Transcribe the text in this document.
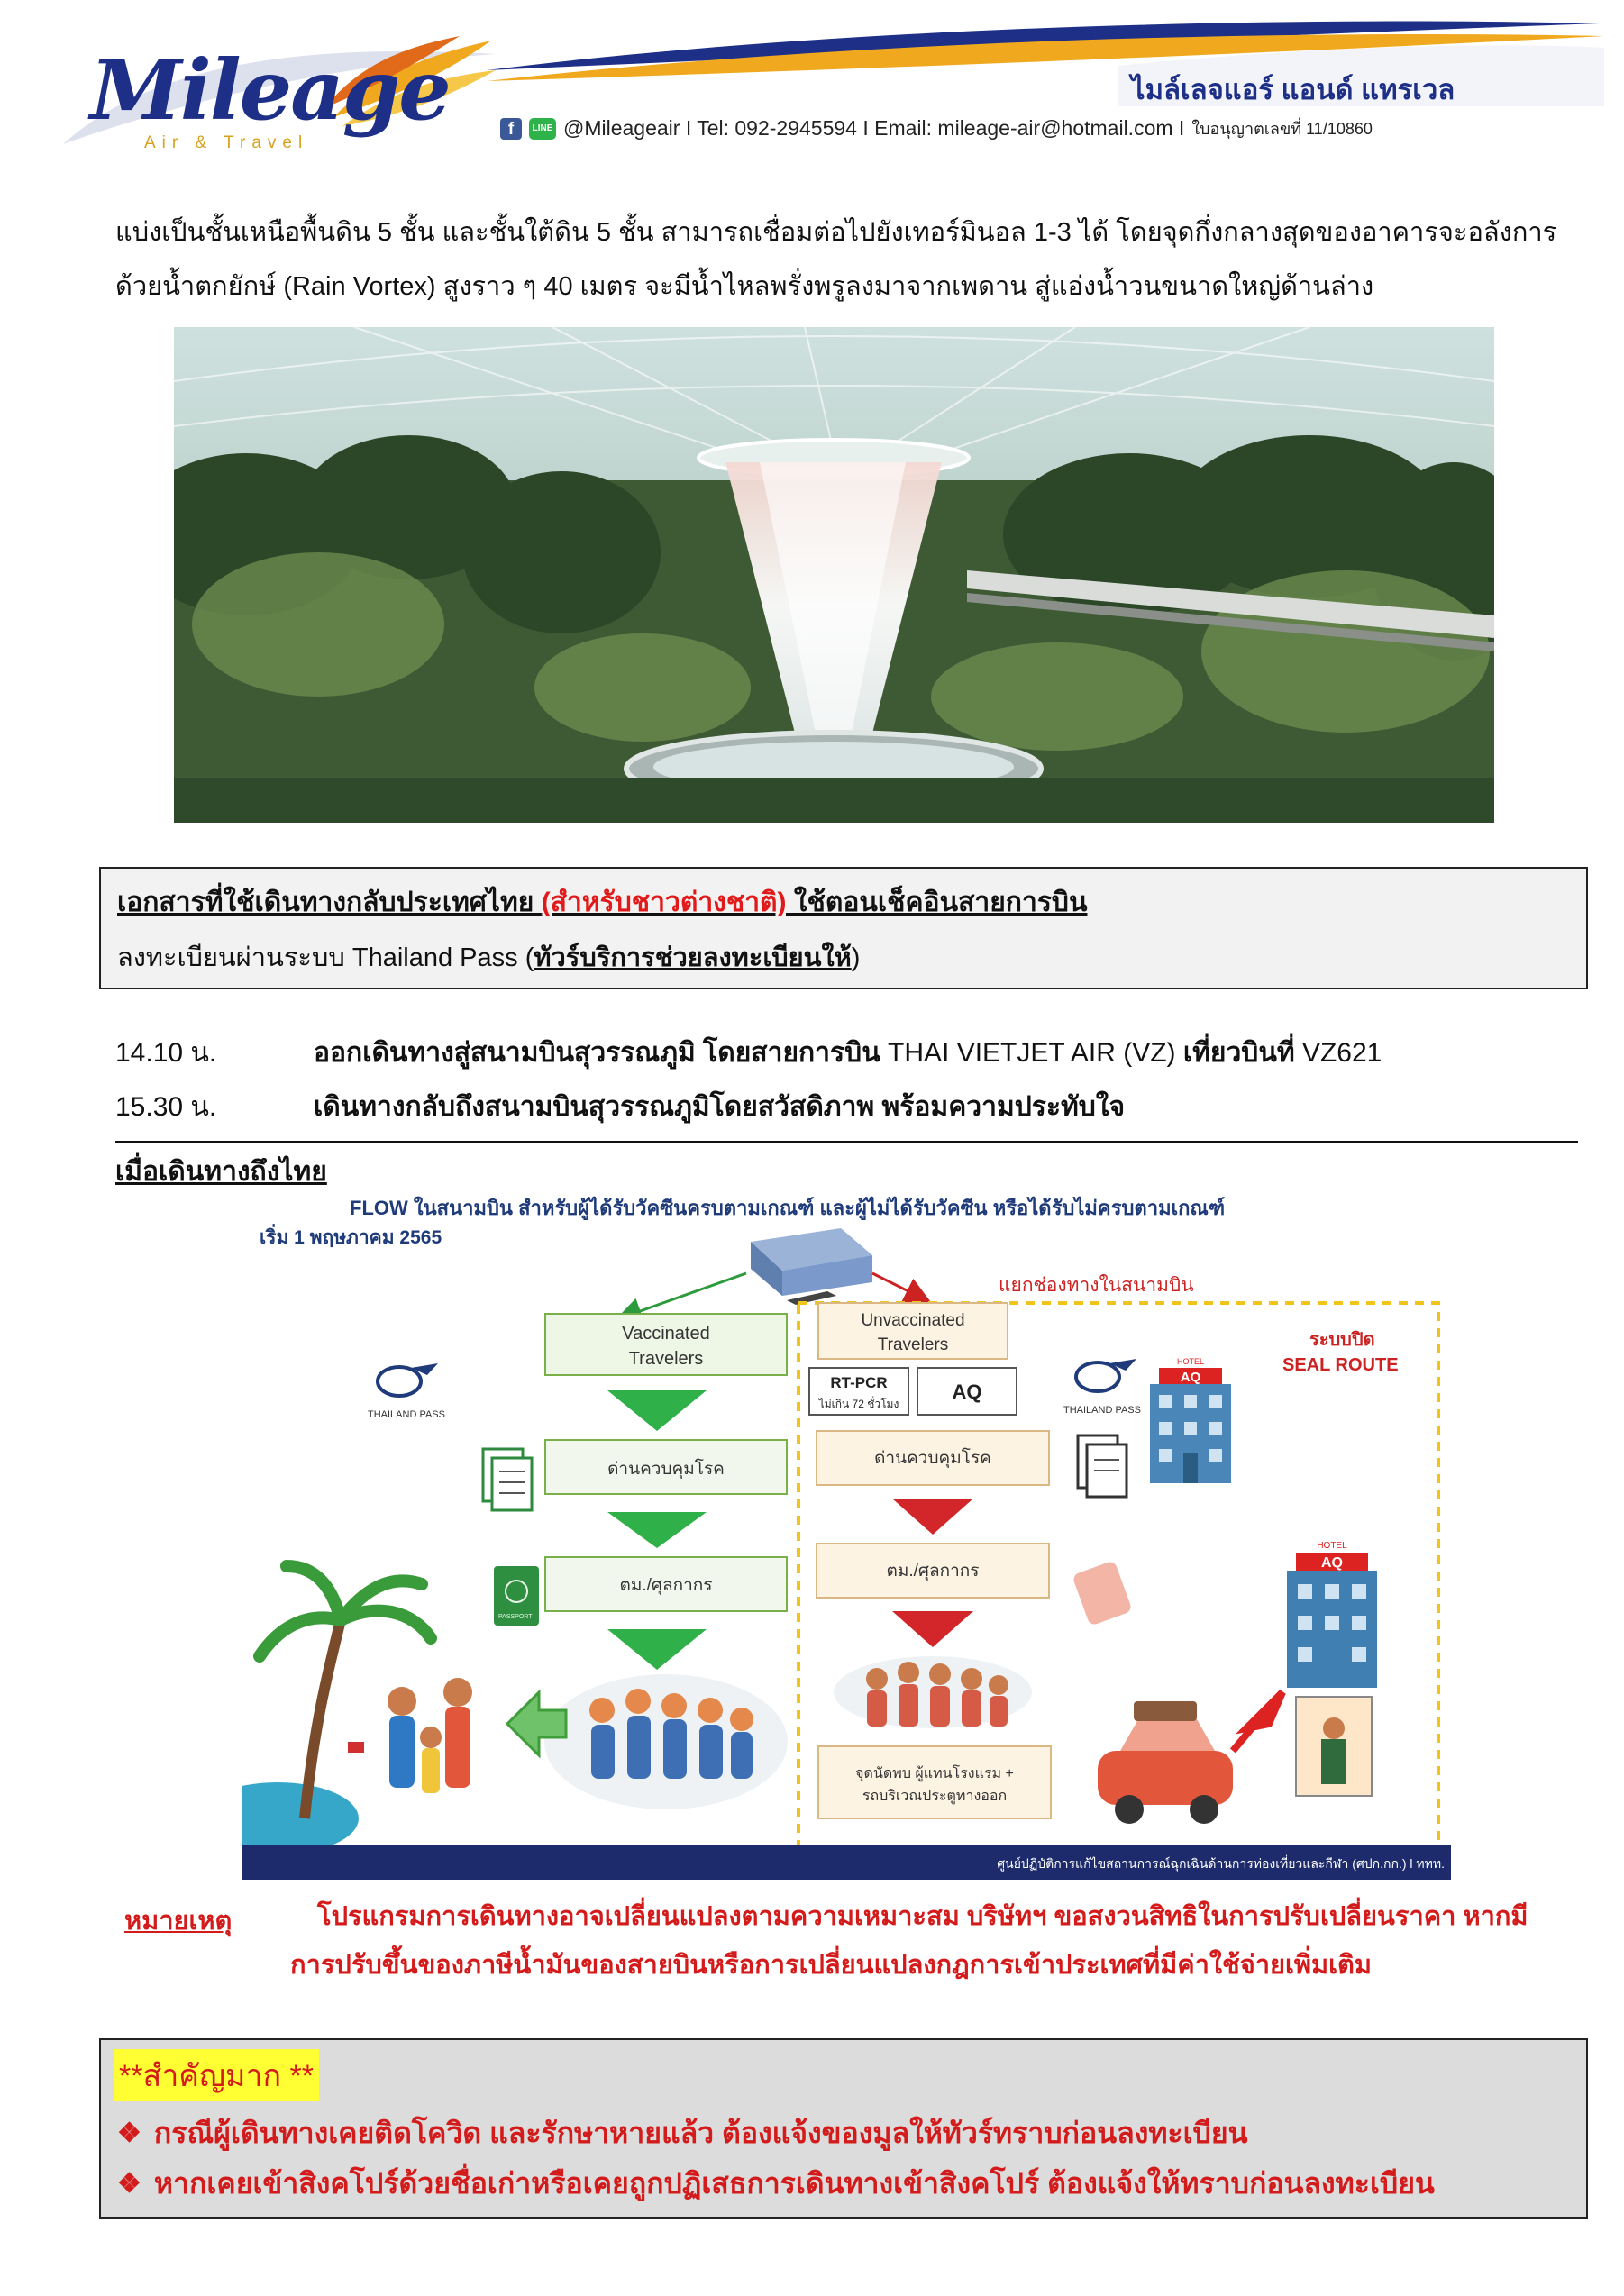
Mileage
Air & Travel
ไมล์เลจแอร์ แอนด์ แทรเวล
f	LINE @Mileageair I Tel: 092-2945594 I Email: mileage-air@hotmail.com I ใบอนุญาตเลขที่ 11/10860
แบ่งเป็นชั้นเหนือพื้นดิน 5 ชั้น และชั้นใต้ดิน 5 ชั้น สามารถเชื่อมต่อไปยังเทอร์มินอล 1-3 ได้ โดยจุดกึ่งกลางสุดของอาคารจะอลังการด้วยน้ำตกยักษ์ (Rain Vortex) สูงราว ๆ 40 เมตร จะมีน้ำไหลพรั่งพรูลงมาจากเพดาน สู่แอ่งน้ำวนขนาดใหญ่ด้านล่าง
เอกสารที่ใช้เดินทางกลับประเทศไทย (สำหรับชาวต่างชาติ) ใช้ตอนเช็คอินสายการบิน
ลงทะเบียนผ่านระบบ Thailand Pass (ทัวร์บริการช่วยลงทะเบียนให้)
14.10 น.	ออกเดินทางสู่สนามบินสุวรรณภูมิ โดยสายการบิน THAI VIETJET AIR (VZ) เที่ยวบินที่ VZ621
15.30 น.	เดินทางกลับถึงสนามบินสุวรรณภูมิโดยสวัสดิภาพ พร้อมความประทับใจ
เมื่อเดินทางถึงไทย
FLOW ในสนามบิน สำหรับผู้ได้รับวัคซีนครบตามเกณฑ์ และผู้ไม่ได้รับวัคซีน หรือได้รับไม่ครบตามเกณฑ์
เริ่ม 1 พฤษภาคม 2565
แยกช่องทางในสนามบิน
Vaccinated
Travelers
ด่านควบคุมโรค
ตม./ศุลกากร
THAILAND PASS
PASSPORT
Unvaccinated
Travelers
RT-PCR
ไม่เกิน 72 ชั่วโมง
AQ
ด่านควบคุมโรค
ตม./ศุลกากร
จุดนัดพบ ผู้แทนโรงแรม +
รถบริเวณประตูทางออก
ระบบปิด
SEAL ROUTE
THAILAND PASS
AQ
HOTEL
AQ
HOTEL
ศูนย์ปฏิบัติการแก้ไขสถานการณ์ฉุกเฉินด้านการท่องเที่ยวและกีฬา (ศปก.กก.) l ททท.
หมายเหตุ	โปรแกรมการเดินทางอาจเปลี่ยนแปลงตามความเหมาะสม บริษัทฯ ขอสงวนสิทธิในการปรับเปลี่ยนราคา หากมี
การปรับขึ้นของภาษีน้ำมันของสายบินหรือการเปลี่ยนแปลงกฎการเข้าประเทศที่มีค่าใช้จ่ายเพิ่มเติม
**สำคัญมาก **
❖ กรณีผู้เดินทางเคยติดโควิด และรักษาหายแล้ว ต้องแจ้งของมูลให้ทัวร์ทราบก่อนลงทะเบียน
❖ หากเคยเข้าสิงคโปร์ด้วยชื่อเก่าหรือเคยถูกปฏิเสธการเดินทางเข้าสิงคโปร์ ต้องแจ้งให้ทราบก่อนลงทะเบียน
